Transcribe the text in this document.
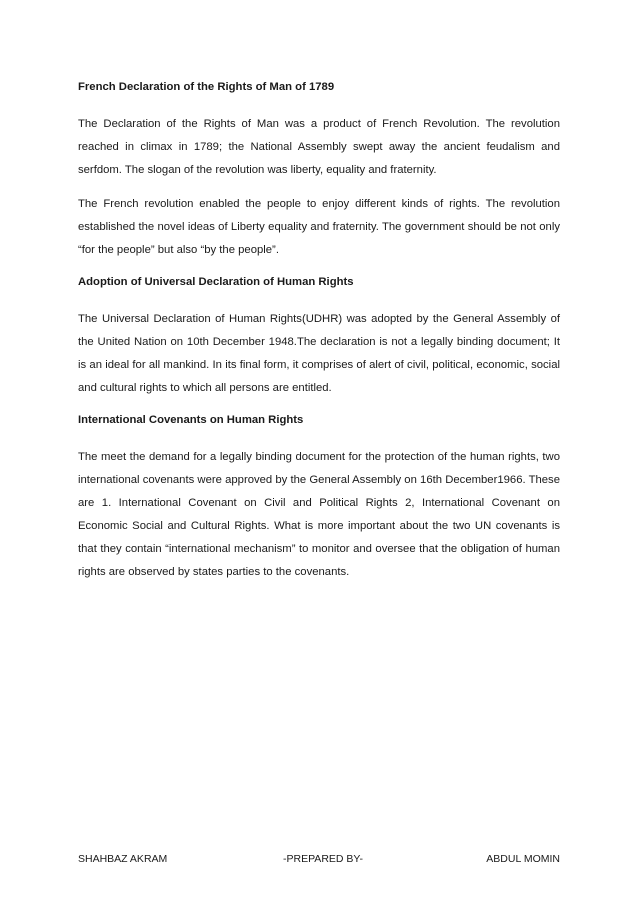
French Declaration of the Rights of Man of 1789

The Declaration of the Rights of Man was a product of French Revolution. The revolution reached in climax in 1789; the National Assembly swept away the ancient feudalism and serfdom. The slogan of the revolution was liberty, equality and fraternity.

The French revolution enabled the people to enjoy different kinds of rights. The revolution established the novel ideas of Liberty equality and fraternity. The government should be not only “for the people” but also “by the people”.

Adoption of Universal Declaration of Human Rights

The Universal Declaration of Human Rights(UDHR) was adopted by the General Assembly of the United Nation on 10th December 1948.The declaration is not a legally binding document; It is an ideal for all mankind. In its final form, it comprises of alert of civil, political, economic, social and cultural rights to which all persons are entitled.

International Covenants on Human Rights

The meet the demand for a legally binding document for the protection of the human rights, two international covenants were approved by the General Assembly on 16th December1966. These are 1. International Covenant on Civil and Political Rights 2, International Covenant on Economic Social and Cultural Rights. What is more important about the two UN covenants is that they contain “international mechanism” to monitor and oversee that the obligation of human rights are observed by states parties to the covenants.

SHAHBAZ AKRAM	-PREPARED BY-	ABDUL MOMIN
